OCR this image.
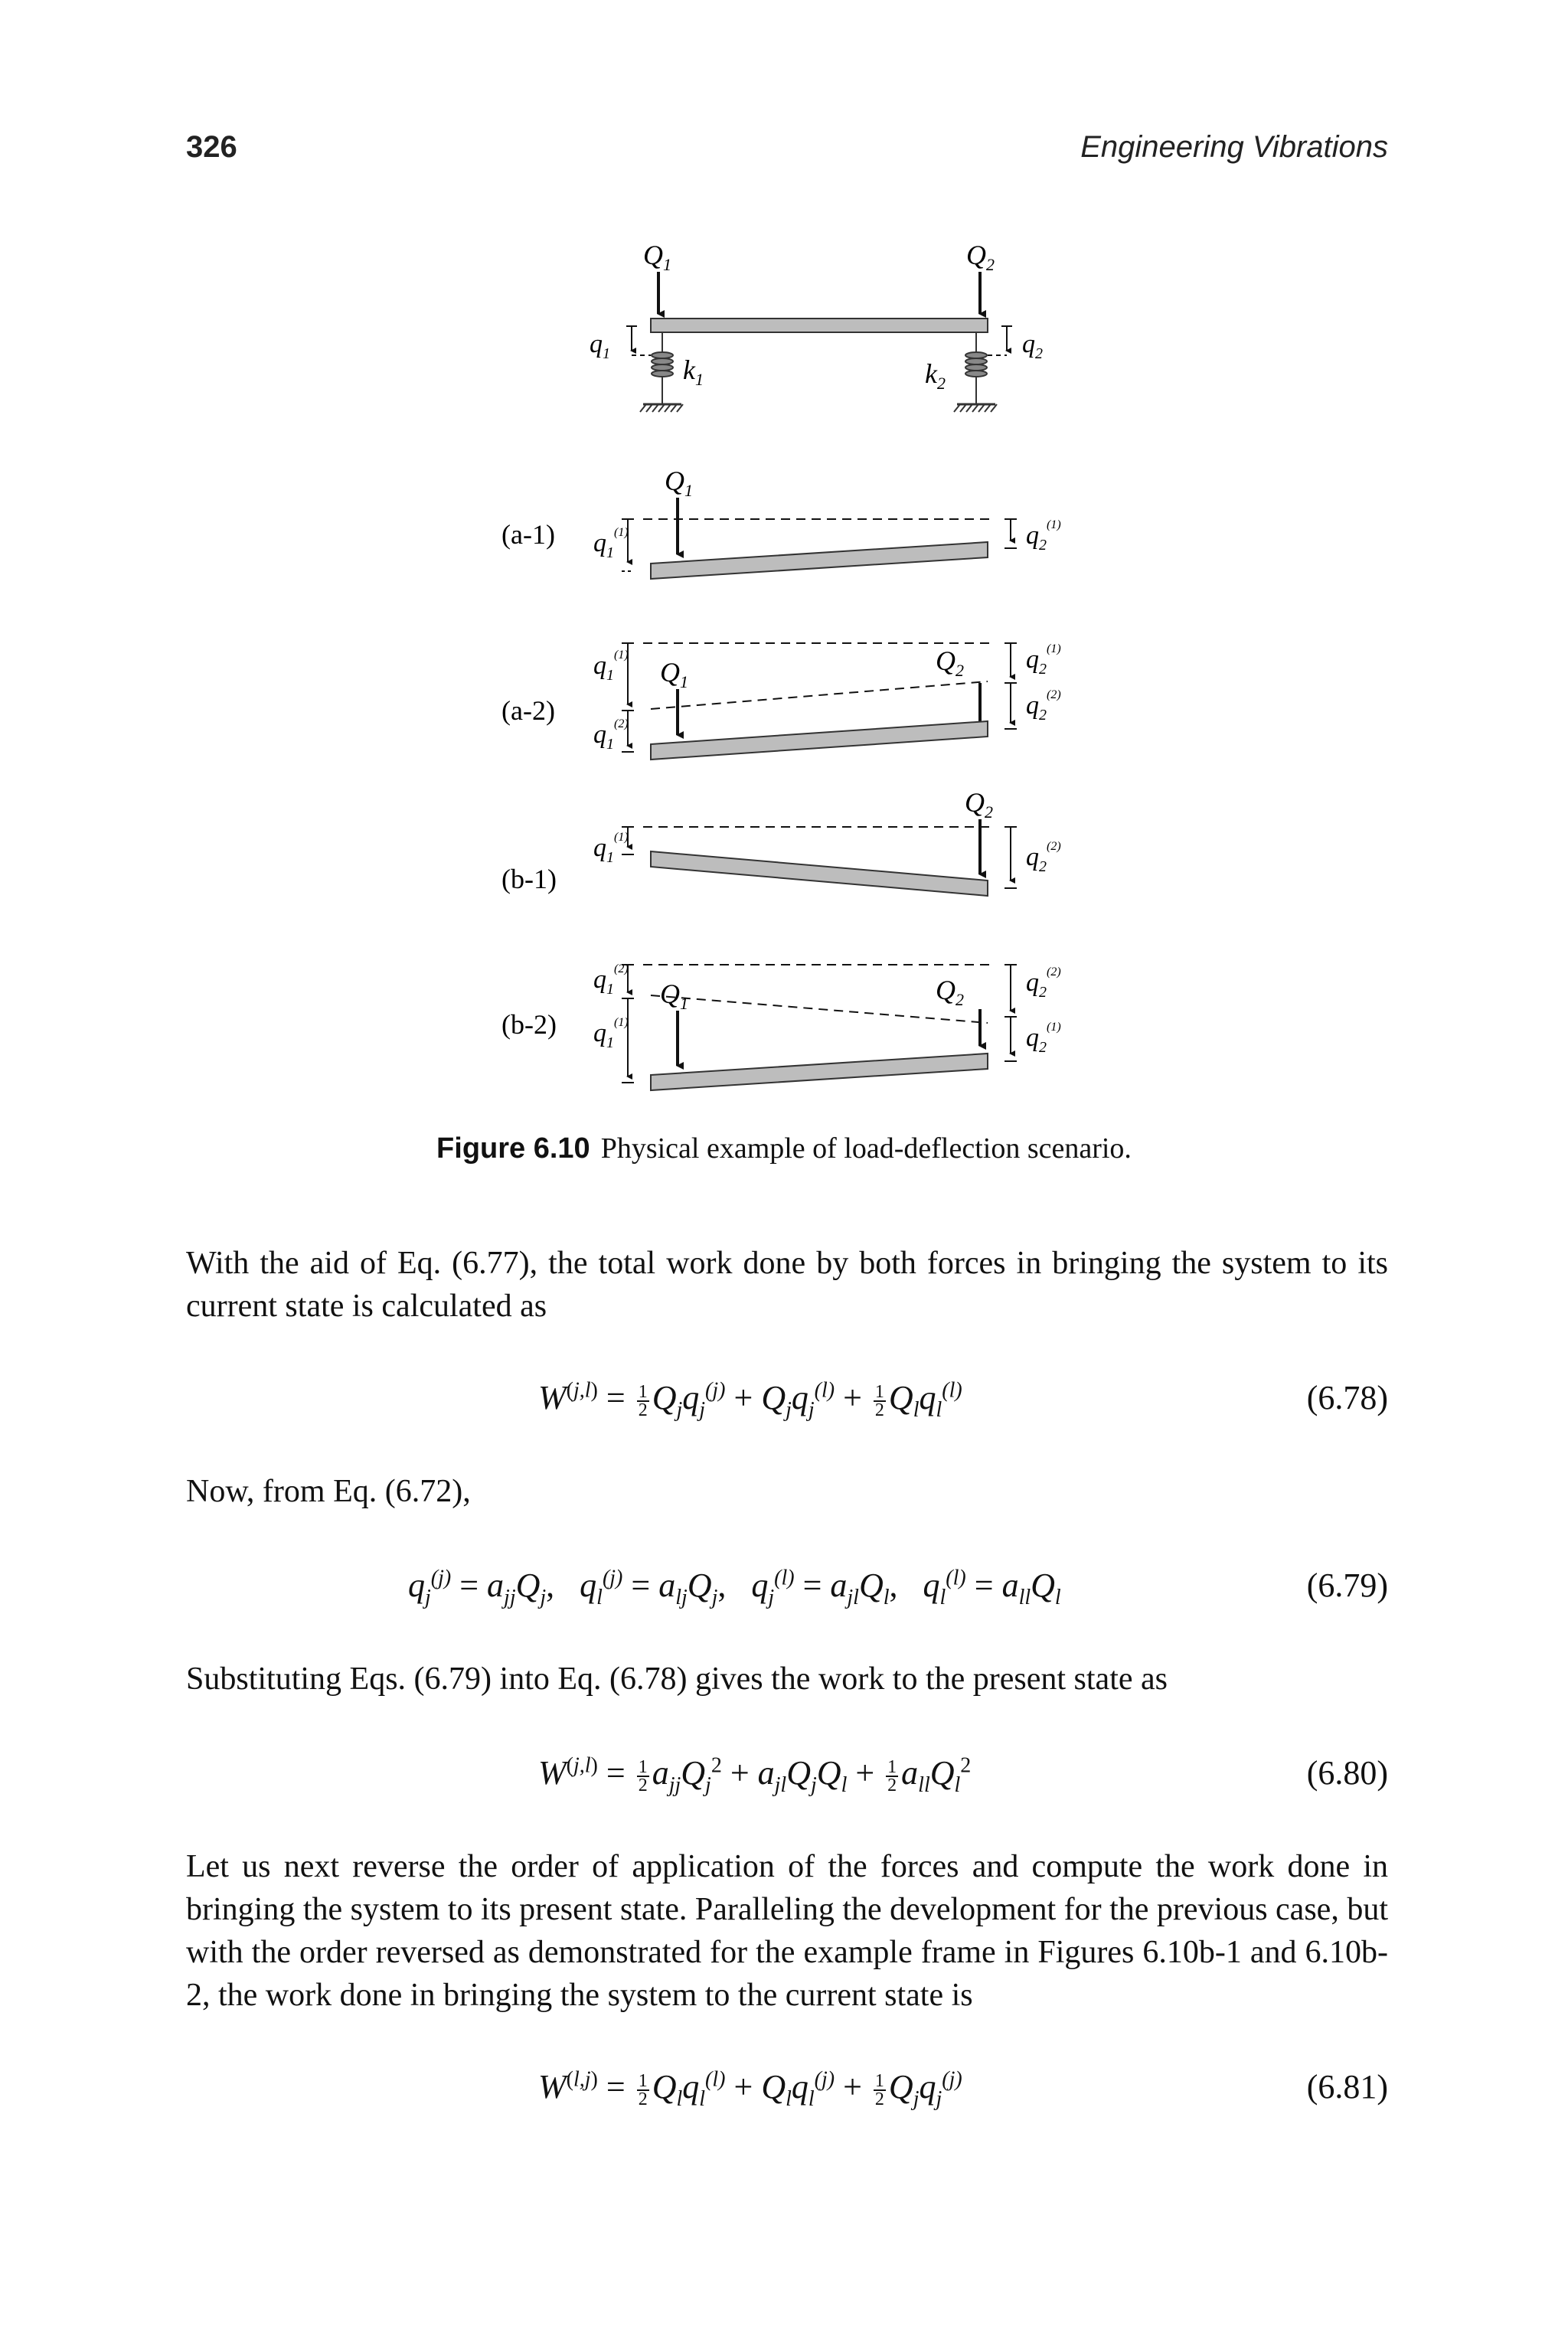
326	Engineering Vibrations
$Q_1$	$Q_2$
$k_1$	$k_2$
$q_1$	$q_2$
(a-1)
$Q_1$
$q_1^{(1)}$	$q_2^{(1)}$
(a-2)
$Q_1$
$Q_2$
$q_1^{(1)}$
$q_1^{(2)}$
$q_2^{(1)}$
$q_2^{(2)}$
(b-1)
$Q_2$
$q_1^{(1)}$
$q_2^{(2)}$
(b-2)
$Q_1$	$Q_2$
$q_1^{(2)}$
$q_1^{(1)}$
$q_2^{(2)}$
$q_2^{(1)}$
Figure 6.10 Physical example of load-deflection scenario.

With the aid of Eq. (6.77), the total work done by both forces in bringing the system to its current state is calculated as

$W^{(j,l)} = \frac{1}{2} Q_jq_j^{(j)} + Q_jq_j^{(l)} + \frac{1}{2} Q_lq_l^{(l)}$	(6.78)

Now, from Eq. (6.72),

$q_j^{(j)} = a_{jj}Q_j$,   $q_l^{(j)} = a_{lj}Q_j$,   $q_j^{(l)} = a_{jl}Q_l$,   $q_l^{(l)} = a_{ll}Q_l$	(6.79)

Substituting Eqs. (6.79) into Eq. (6.78) gives the work to the present state as

$W^{(j,l)} = \frac{1}{2} a_{jj}Q_j^2 + a_{jl}Q_jQ_l + \frac{1}{2} a_{ll}Q_l^2$	(6.80)

Let us next reverse the order of application of the forces and compute the work done in bringing the system to its present state. Paralleling the development for the previous case, but with the order reversed as demonstrated for the example frame in Figures 6.10b-1 and 6.10b-2, the work done in bringing the system to the current state is

$W^{(l,j)} = \frac{1}{2} Q_lq_l^{(l)} + Q_lq_l^{(j)} + \frac{1}{2} Q_jq_j^{(j)}$	(6.81)
